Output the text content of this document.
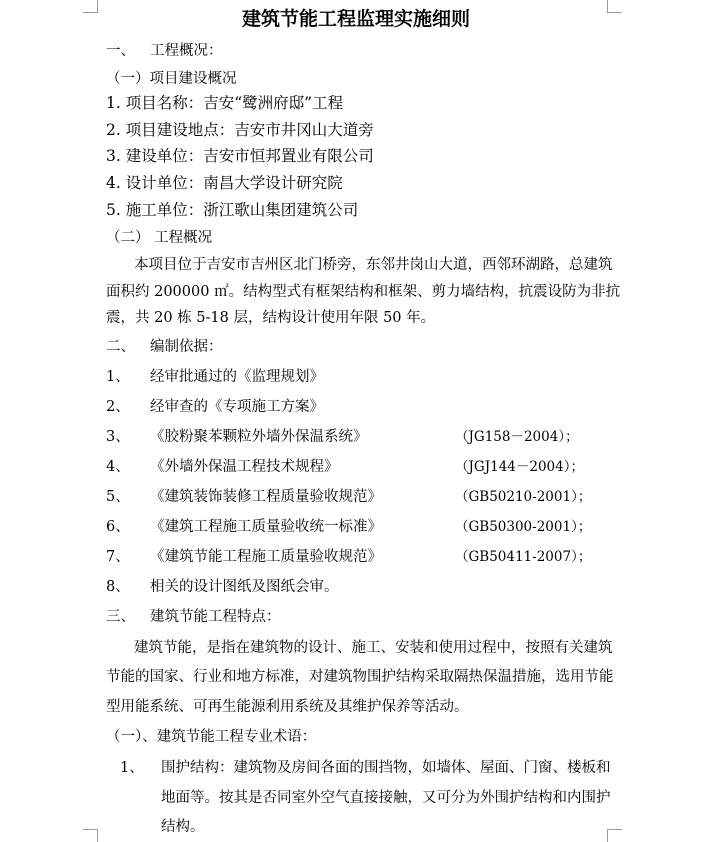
建筑节能工程监理实施细则
一、 工程概况：
（一）项目建设概况
1. 项目名称：吉安“鹭洲府邸”工程
2. 项目建设地点：吉安市井冈山大道旁
3. 建设单位：吉安市恒邦置业有限公司
4. 设计单位：南昌大学设计研究院
5. 施工单位：浙江歌山集团建筑公司
（二） 工程概况
本项目位于吉安市吉州区北门桥旁，东邻井岗山大道，西邻环湖路，总建筑
面积约 200000 ㎡。结构型式有框架结构和框架、剪力墙结构，抗震设防为非抗
震，共 20 栋 5-18 层，结构设计使用年限 50 年。
二、 编制依据：
1、 经审批通过的《监理规划》
2、 经审查的《专项施工方案》
3、 《胶粉聚苯颗粒外墙外保温系统》	（JG158－2004）；
4、 《外墙外保温工程技术规程》	（JGJ144－2004）；
5、 《建筑装饰装修工程质量验收规范》	（GB50210-2001）；
6、 《建筑工程施工质量验收统一标准》	（GB50300-2001）；
7、 《建筑节能工程施工质量验收规范》	（GB50411-2007）；
8、 相关的设计图纸及图纸会审。
三、 建筑节能工程特点：
建筑节能，是指在建筑物的设计、施工、安装和使用过程中，按照有关建筑
节能的国家、行业和地方标准，对建筑物围护结构采取隔热保温措施，选用节能
型用能系统、可再生能源利用系统及其维护保养等活动。
（一）、建筑节能工程专业术语：
1、 围护结构：建筑物及房间各面的围挡物，如墙体、屋面、门窗、楼板和
地面等。按其是否同室外空气直接接触，又可分为外围护结构和内围护
结构。
